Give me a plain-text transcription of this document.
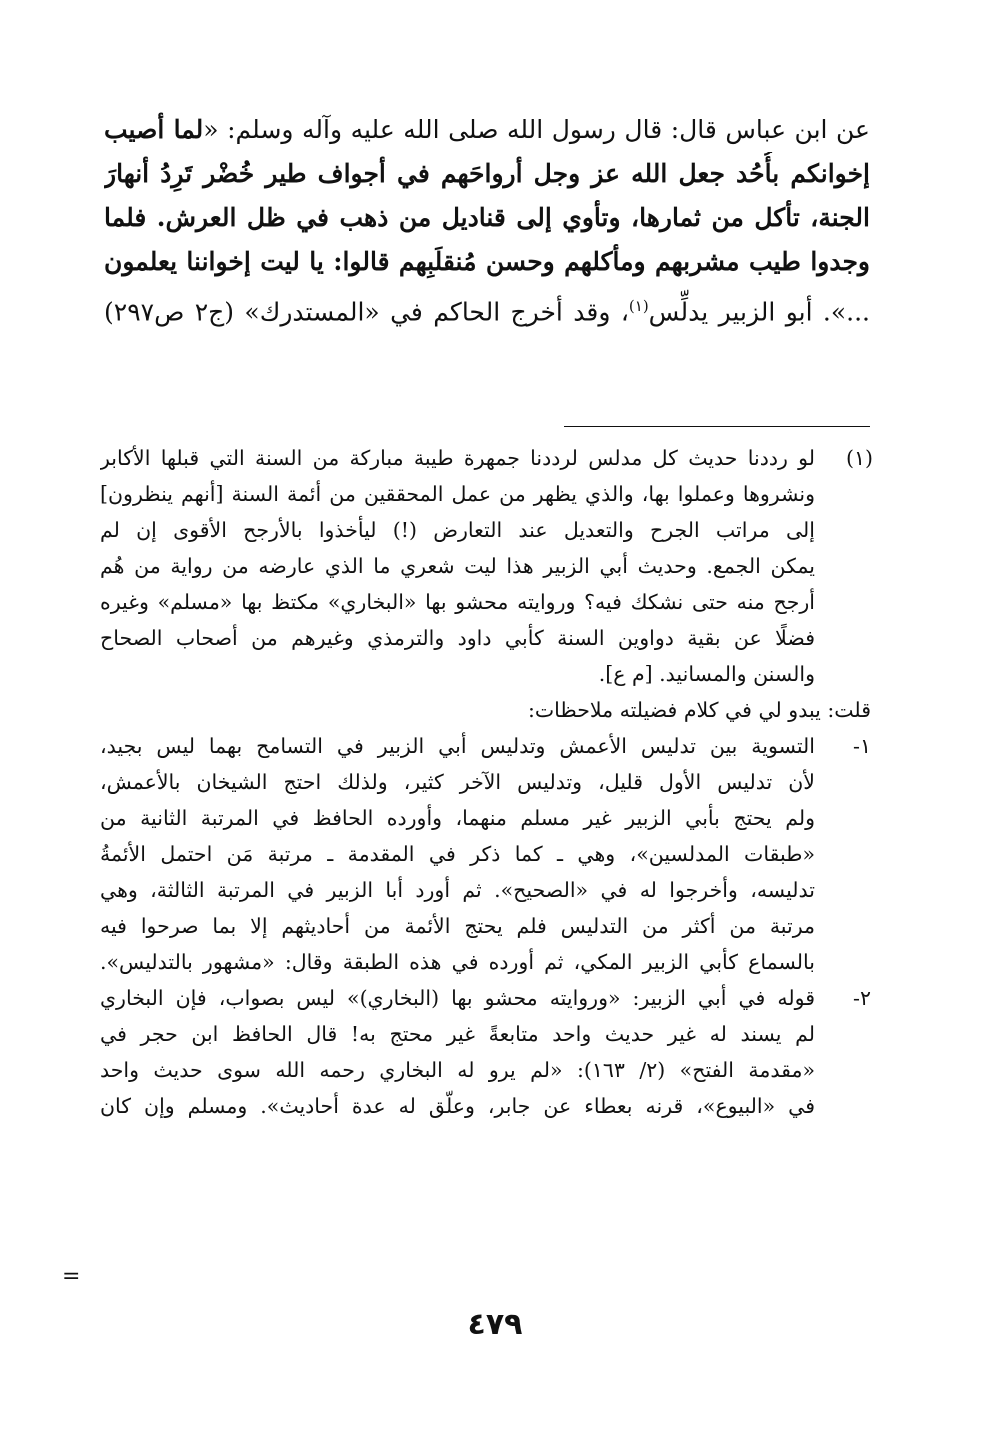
عن ابن عباس قال: قال رسول الله صلى الله عليه وآله وسلم: «لما أصيب
إخوانكم بأُحُد جعل الله عز وجل أرواحَهم في أجواف طير خُضْر تَرِدُ أنهارَ
الجنة، تأكل من ثمارها، وتأوي إلى قناديل من ذهب في ظل العرش. فلما
وجدوا طيب مشربهم ومأكلهم وحسن مُنقلَبِهم قالوا: يا ليت إخواننا يعلمون
...». أبو الزبير يدلِّس$^{(١)}$، وقد أخرج الحاكم في «المستدرك» (ج٢ ص٢٩٧)
(١)
لو رددنا حديث كل مدلس لرددنا جمهرة طيبة مباركة من السنة التي قبلها الأكابر
ونشروها وعملوا بها، والذي يظهر من عمل المحققين من أئمة السنة [أنهم ينظرون]
إلى مراتب الجرح والتعديل عند التعارض (!) ليأخذوا بالأرجح الأقوى إن لم
يمكن الجمع. وحديث أبي الزبير هذا ليت شعري ما الذي عارضه من رواية من هُم
أرجح منه حتى نشكك فيه؟ وروايته محشو بها «البخاري» مكتظ بها «مسلم» وغيره
فضلًا عن بقية دواوين السنة كأبي داود والترمذي وغيرهم من أصحاب الصحاح
والسنن والمسانيد. [م ع].
قلت: يبدو لي في كلام فضيلته ملاحظات:
١-
التسوية بين تدليس الأعمش وتدليس أبي الزبير في التسامح بهما ليس بجيد،
لأن تدليس الأول قليل، وتدليس الآخر كثير، ولذلك احتج الشيخان بالأعمش،
ولم يحتج بأبي الزبير غير مسلم منهما، وأورده الحافظ في المرتبة الثانية من
«طبقات المدلسين»، وهي ـ كما ذكر في المقدمة ـ مرتبة مَن احتمل الأئمةُ
تدليسه، وأخرجوا له في «الصحيح». ثم أورد أبا الزبير في المرتبة الثالثة، وهي
مرتبة من أكثر من التدليس فلم يحتج الأئمة من أحاديثهم إلا بما صرحوا فيه
بالسماع كأبي الزبير المكي، ثم أورده في هذه الطبقة وقال: «مشهور بالتدليس».
٢-
قوله في أبي الزبير: «وروايته محشو بها (البخاري)» ليس بصواب، فإن البخاري
لم يسند له غير حديث واحد متابعةً غير محتج به! قال الحافظ ابن حجر في
«مقدمة الفتح» (٢/ ١٦٣): «لم يرو له البخاري رحمه الله سوى حديث واحد
في «البيوع»، قرنه بعطاء عن جابر، وعلّق له عدة أحاديث». ومسلم وإن كان
=
٤٧٩
